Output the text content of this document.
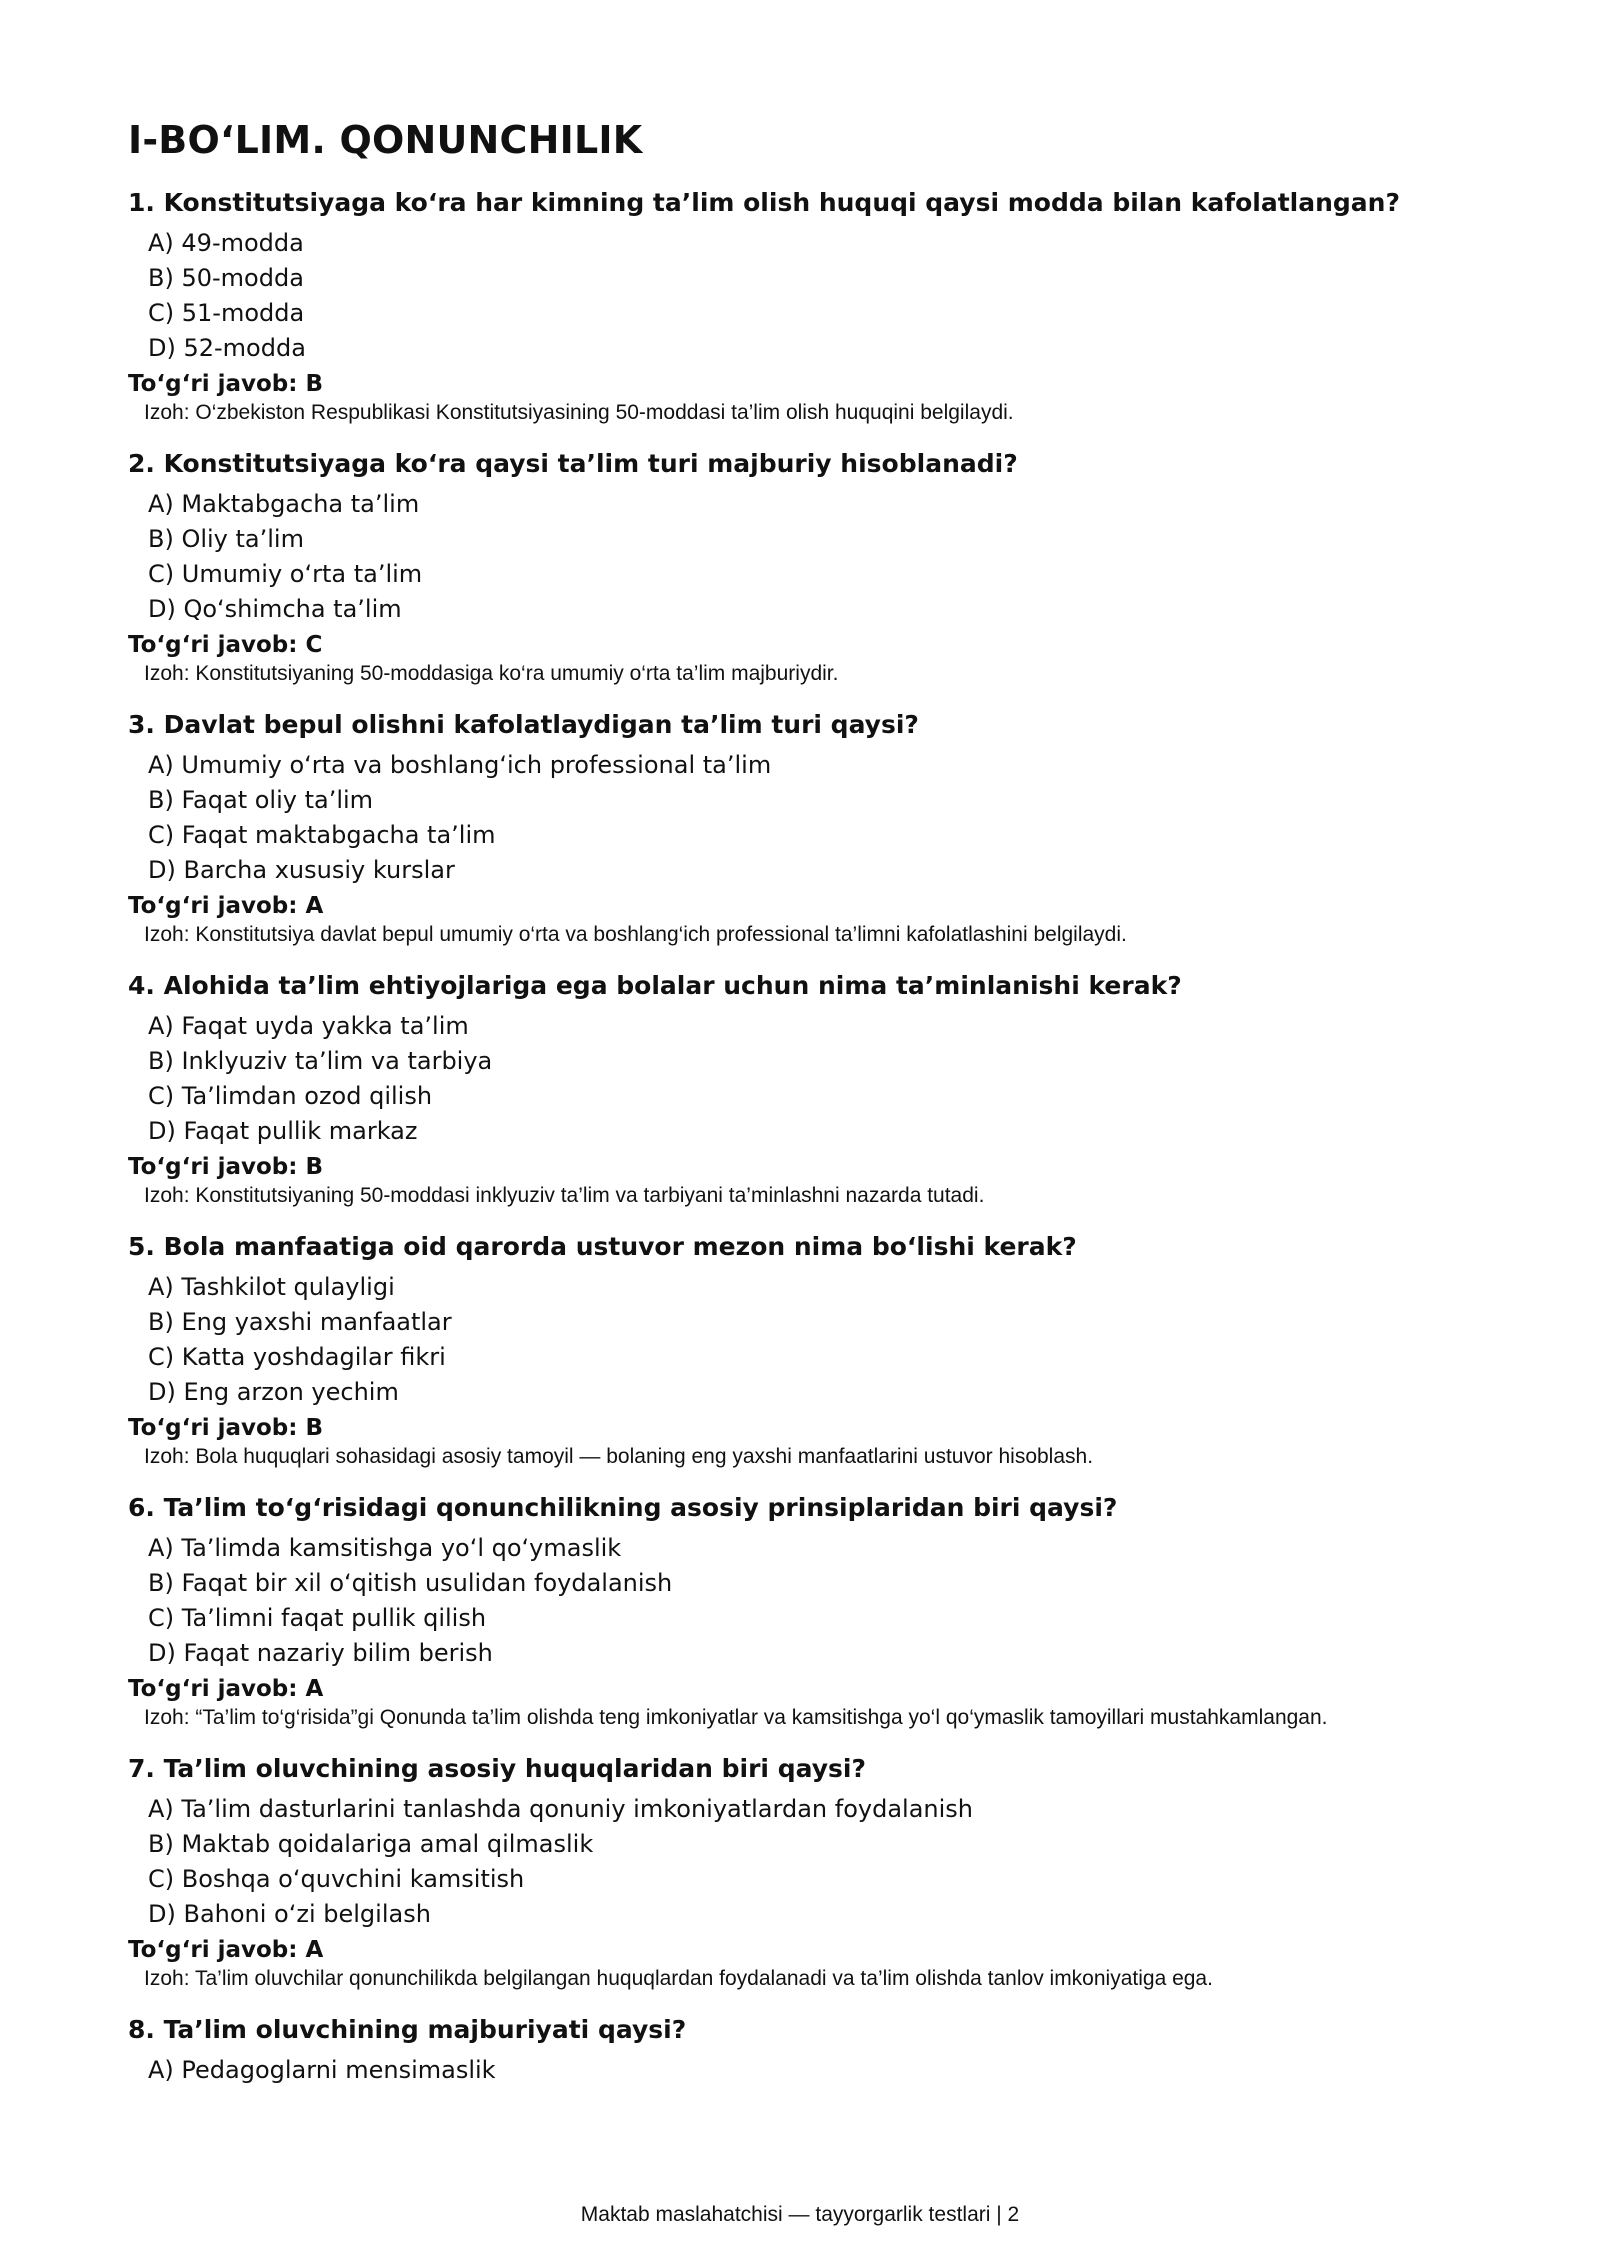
I-BO‘LIM. QONUNCHILIK
1. Konstitutsiyaga ko‘ra har kimning ta’lim olish huquqi qaysi modda bilan kafolatlangan?
A) 49-modda
B) 50-modda
C) 51-modda
D) 52-modda
To‘g‘ri javob: B
Izoh: O‘zbekiston Respublikasi Konstitutsiyasining 50-moddasi ta’lim olish huquqini belgilaydi.
2. Konstitutsiyaga ko‘ra qaysi ta’lim turi majburiy hisoblanadi?
A) Maktabgacha ta’lim
B) Oliy ta’lim
C) Umumiy o‘rta ta’lim
D) Qo‘shimcha ta’lim
To‘g‘ri javob: C
Izoh: Konstitutsiyaning 50-moddasiga ko‘ra umumiy o‘rta ta’lim majburiydir.
3. Davlat bepul olishni kafolatlaydigan ta’lim turi qaysi?
A) Umumiy o‘rta va boshlang‘ich professional ta’lim
B) Faqat oliy ta’lim
C) Faqat maktabgacha ta’lim
D) Barcha xususiy kurslar
To‘g‘ri javob: A
Izoh: Konstitutsiya davlat bepul umumiy o‘rta va boshlang‘ich professional ta’limni kafolatlashini belgilaydi.
4. Alohida ta’lim ehtiyojlariga ega bolalar uchun nima ta’minlanishi kerak?
A) Faqat uyda yakka ta’lim
B) Inklyuziv ta’lim va tarbiya
C) Ta’limdan ozod qilish
D) Faqat pullik markaz
To‘g‘ri javob: B
Izoh: Konstitutsiyaning 50-moddasi inklyuziv ta’lim va tarbiyani ta’minlashni nazarda tutadi.
5. Bola manfaatiga oid qarorda ustuvor mezon nima bo‘lishi kerak?
A) Tashkilot qulayligi
B) Eng yaxshi manfaatlar
C) Katta yoshdagilar fikri
D) Eng arzon yechim
To‘g‘ri javob: B
Izoh: Bola huquqlari sohasidagi asosiy tamoyil — bolaning eng yaxshi manfaatlarini ustuvor hisoblash.
6. Ta’lim to‘g‘risidagi qonunchilikning asosiy prinsiplaridan biri qaysi?
A) Ta’limda kamsitishga yo‘l qo‘ymaslik
B) Faqat bir xil o‘qitish usulidan foydalanish
C) Ta’limni faqat pullik qilish
D) Faqat nazariy bilim berish
To‘g‘ri javob: A
Izoh: “Ta’lim to‘g‘risida”gi Qonunda ta’lim olishda teng imkoniyatlar va kamsitishga yo‘l qo‘ymaslik tamoyillari mustahkamlangan.
7. Ta’lim oluvchining asosiy huquqlaridan biri qaysi?
A) Ta’lim dasturlarini tanlashda qonuniy imkoniyatlardan foydalanish
B) Maktab qoidalariga amal qilmaslik
C) Boshqa o‘quvchini kamsitish
D) Bahoni o‘zi belgilash
To‘g‘ri javob: A
Izoh: Ta’lim oluvchilar qonunchilikda belgilangan huquqlardan foydalanadi va ta’lim olishda tanlov imkoniyatiga ega.
8. Ta’lim oluvchining majburiyati qaysi?
A) Pedagoglarni mensimaslik
Maktab maslahatchisi — tayyorgarlik testlari | 2
